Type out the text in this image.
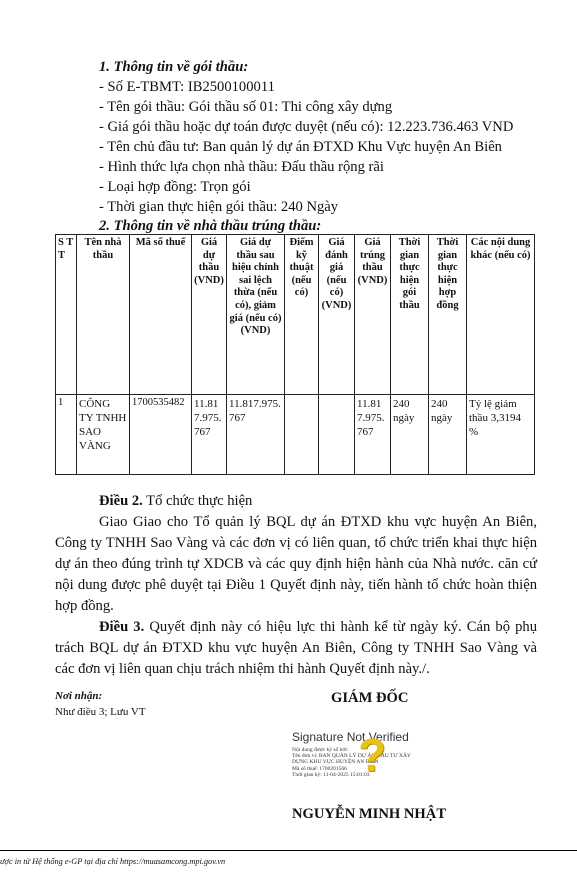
1. Thông tin về gói thầu:
- Số E-TBMT: IB2500100011
- Tên gói thầu: Gói thầu số 01: Thi công xây dựng
- Giá gói thầu hoặc dự toán được duyệt (nếu có): 12.223.736.463 VND
- Tên chủ đầu tư: Ban quản lý dự án ĐTXD Khu Vực huyện An Biên
- Hình thức lựa chọn nhà thầu: Đấu thầu rộng rãi
- Loại hợp đồng: Trọn gói
- Thời gian thực hiện gói thầu: 240 Ngày
2. Thông tin về nhà thầu trúng thầu:
S T T	Tên nhà thầu	Mã số thuế	Giá dự thầu (VND)	Giá dự thầu sau hiệu chỉnh sai lệch thừa (nếu có), giảm giá (nếu có) (VND)	Điểm kỹ thuật (nếu có)	Giá đánh giá (nếu có) (VND)	Giá trúng thầu (VND)	Thời gian thực hiện gói thầu	Thời gian thực hiện hợp đồng	Các nội dung khác (nếu có)
1	CÔNG TY TNHH SAO VÀNG	1700535482	11.817.975.767	11.817.975.767			11.817.975.767	240 ngày	240 ngày	Tỷ lệ giảm thầu 3,3194 %
Điều 2. Tổ chức thực hiện
Giao Giao cho Tổ quản lý BQL dự án ĐTXD khu vực huyện An Biên, Công ty TNHH Sao Vàng và các đơn vị có liên quan, tổ chức triển khai thực hiện dự án theo đúng trình tự XDCB và các quy định hiện hành của Nhà nước. căn cứ nội dung được phê duyệt tại Điều 1 Quyết định này, tiến hành tổ chức hoàn thiện hợp đồng.
Điều 3. Quyết định này có hiệu lực thi hành kể từ ngày ký. Cán bộ phụ trách BQL dự án ĐTXD khu vực huyện An Biên, Công ty TNHH Sao Vàng và các đơn vị liên quan chịu trách nhiệm thi hành Quyết định này./.
Nơi nhận:
Như điều 3; Lưu VT
GIÁM ĐỐC
Signature Not Verified
Nội dung được ký số bởi:
Tên đơn vị: BAN QUẢN LÝ DỰ ÁN ĐẦU TƯ XÂY
DỰNG KHU VỰC HUYỆN AN BIÊN
Mã số thuế: 1700201566
Thời gian ký: 11-04-2025 15:01:03
?
NGUYỄN MINH NHẬT
ược in từ Hệ thống e-GP tại địa chỉ https://muasamcong.mpi.gov.vn
